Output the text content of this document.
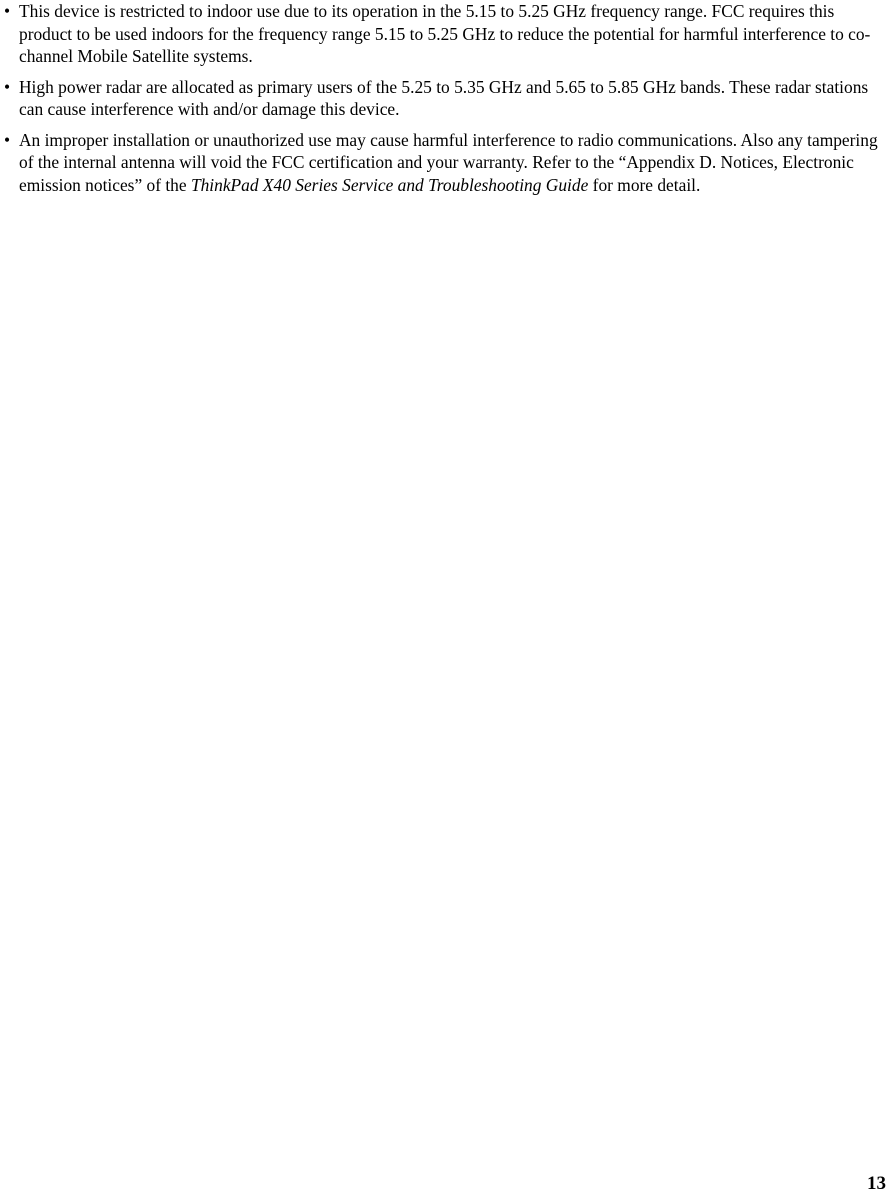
• This device is restricted to indoor use due to its operation in the 5.15 to 5.25 GHz frequency range. FCC requires this product to be used indoors for the frequency range 5.15 to 5.25 GHz to reduce the potential for harmful interference to co-channel Mobile Satellite systems.
• High power radar are allocated as primary users of the 5.25 to 5.35 GHz and 5.65 to 5.85 GHz bands. These radar stations can cause interference with and/or damage this device.
• An improper installation or unauthorized use may cause harmful interference to radio communications. Also any tampering of the internal antenna will void the FCC certification and your warranty. Refer to the “Appendix D. Notices, Electronic emission notices” of the ThinkPad X40 Series Service and Troubleshooting Guide for more detail.
13
